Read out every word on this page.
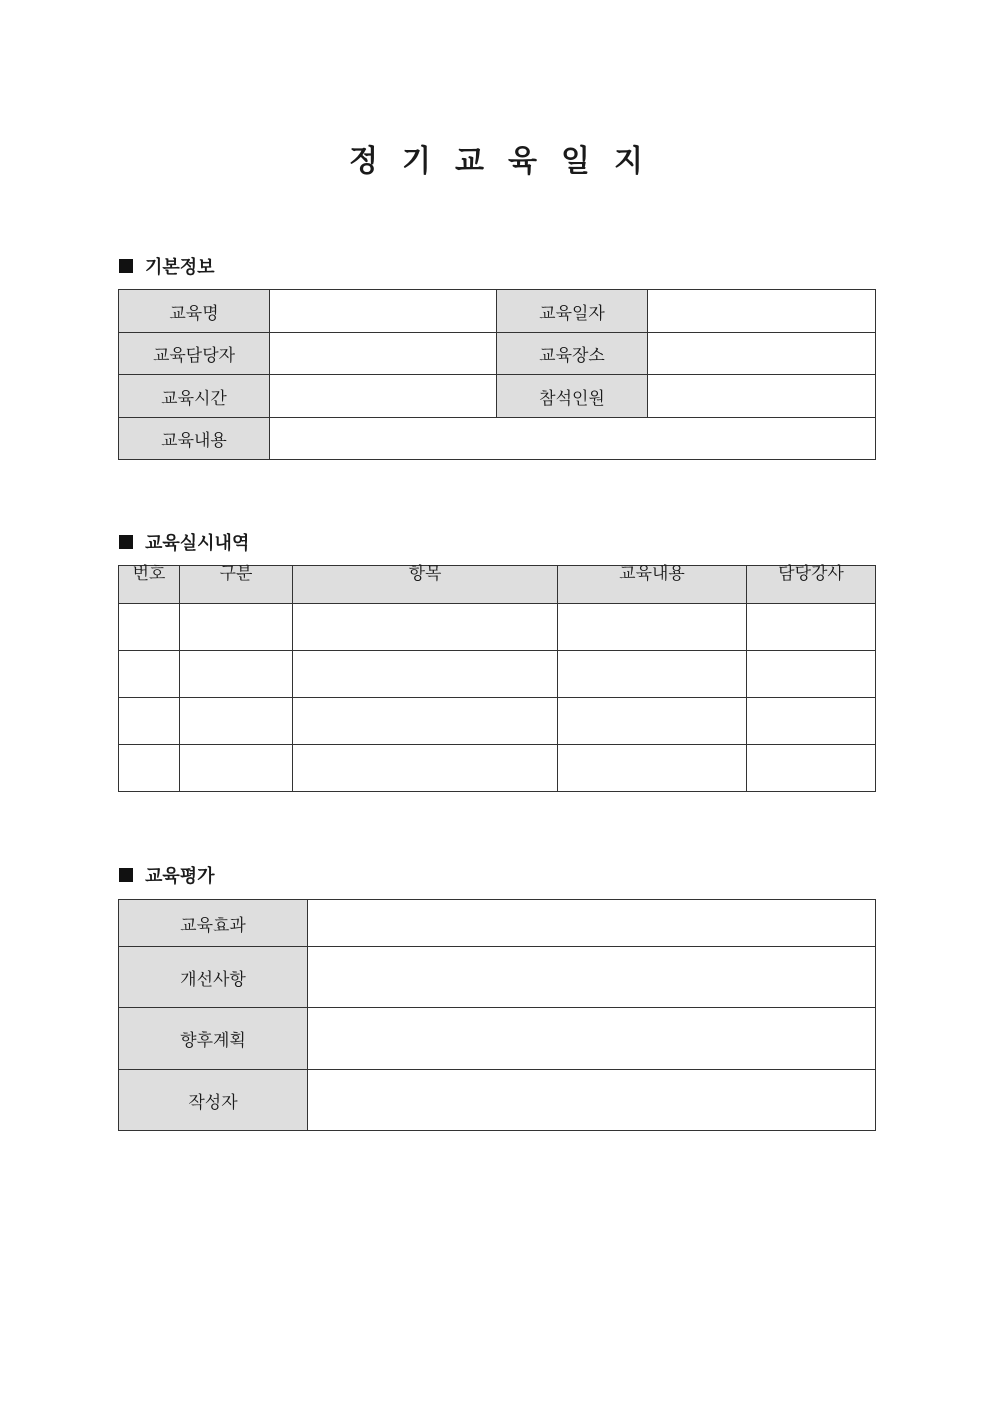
정 기 교 육 일 지
기본정보
교육명		교육일자	
교육담당자		교육장소	
교육시간		참석인원	
교육내용			
교육실시내역
번호	구분	항목	교육내용	담당강사

교육평가
교육효과	
개선사항	
향후계획	
작성자	
